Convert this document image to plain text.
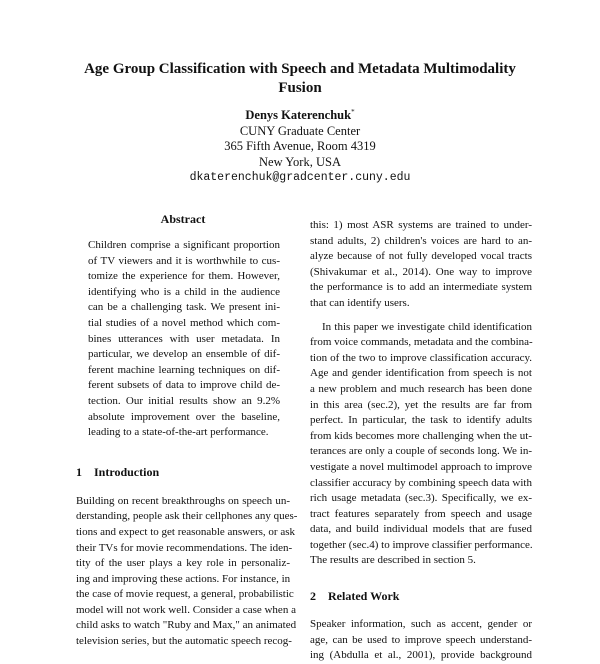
Age Group Classification with Speech and Metadata Multimodality
Fusion
Denys Katerenchuk*
CUNY Graduate Center
365 Fifth Avenue, Room 4319
New York, USA
dkaterenchuk@gradcenter.cuny.edu
Abstract
Children comprise a significant proportion
of TV viewers and it is worthwhile to cus-
tomize the experience for them. However,
identifying who is a child in the audience
can be a challenging task. We present ini-
tial studies of a novel method which com-
bines utterances with user metadata. In
particular, we develop an ensemble of dif-
ferent machine learning techniques on dif-
ferent subsets of data to improve child de-
tection. Our initial results show an 9.2%
absolute improvement over the baseline,
leading to a state-of-the-art performance.
1 Introduction
Building on recent breakthroughs on speech un-
derstanding, people ask their cellphones any ques-
tions and expect to get reasonable answers, or ask
their TVs for movie recommendations. The iden-
tity of the user plays a key role in personaliz-
ing and improving these actions. For instance, in
the case of movie request, a general, probabilistic
model will not work well. Consider a case when a
child asks to watch "Ruby and Max," an animated
television series, but the automatic speech recog-
this: 1) most ASR systems are trained to under-
stand adults, 2) children's voices are hard to an-
alyze because of not fully developed vocal tracts
(Shivakumar et al., 2014). One way to improve
the performance is to add an intermediate system
that can identify users.
In this paper we investigate child identification
from voice commands, metadata and the combina-
tion of the two to improve classification accuracy.
Age and gender identification from speech is not
a new problem and much research has been done
in this area (sec.2), yet the results are far from
perfect. In particular, the task to identify adults
from kids becomes more challenging when the ut-
terances are only a couple of seconds long. We in-
vestigate a novel multimodel approach to improve
classifier accuracy by combining speech data with
rich usage metadata (sec.3). Specifically, we ex-
tract features separately from speech and usage
data, and build individual models that are fused
together (sec.4) to improve classifier performance.
The results are described in section 5.
2 Related Work
Speaker information, such as accent, gender or
age, can be used to improve speech understand-
ing (Abdulla et al., 2001), provide background
